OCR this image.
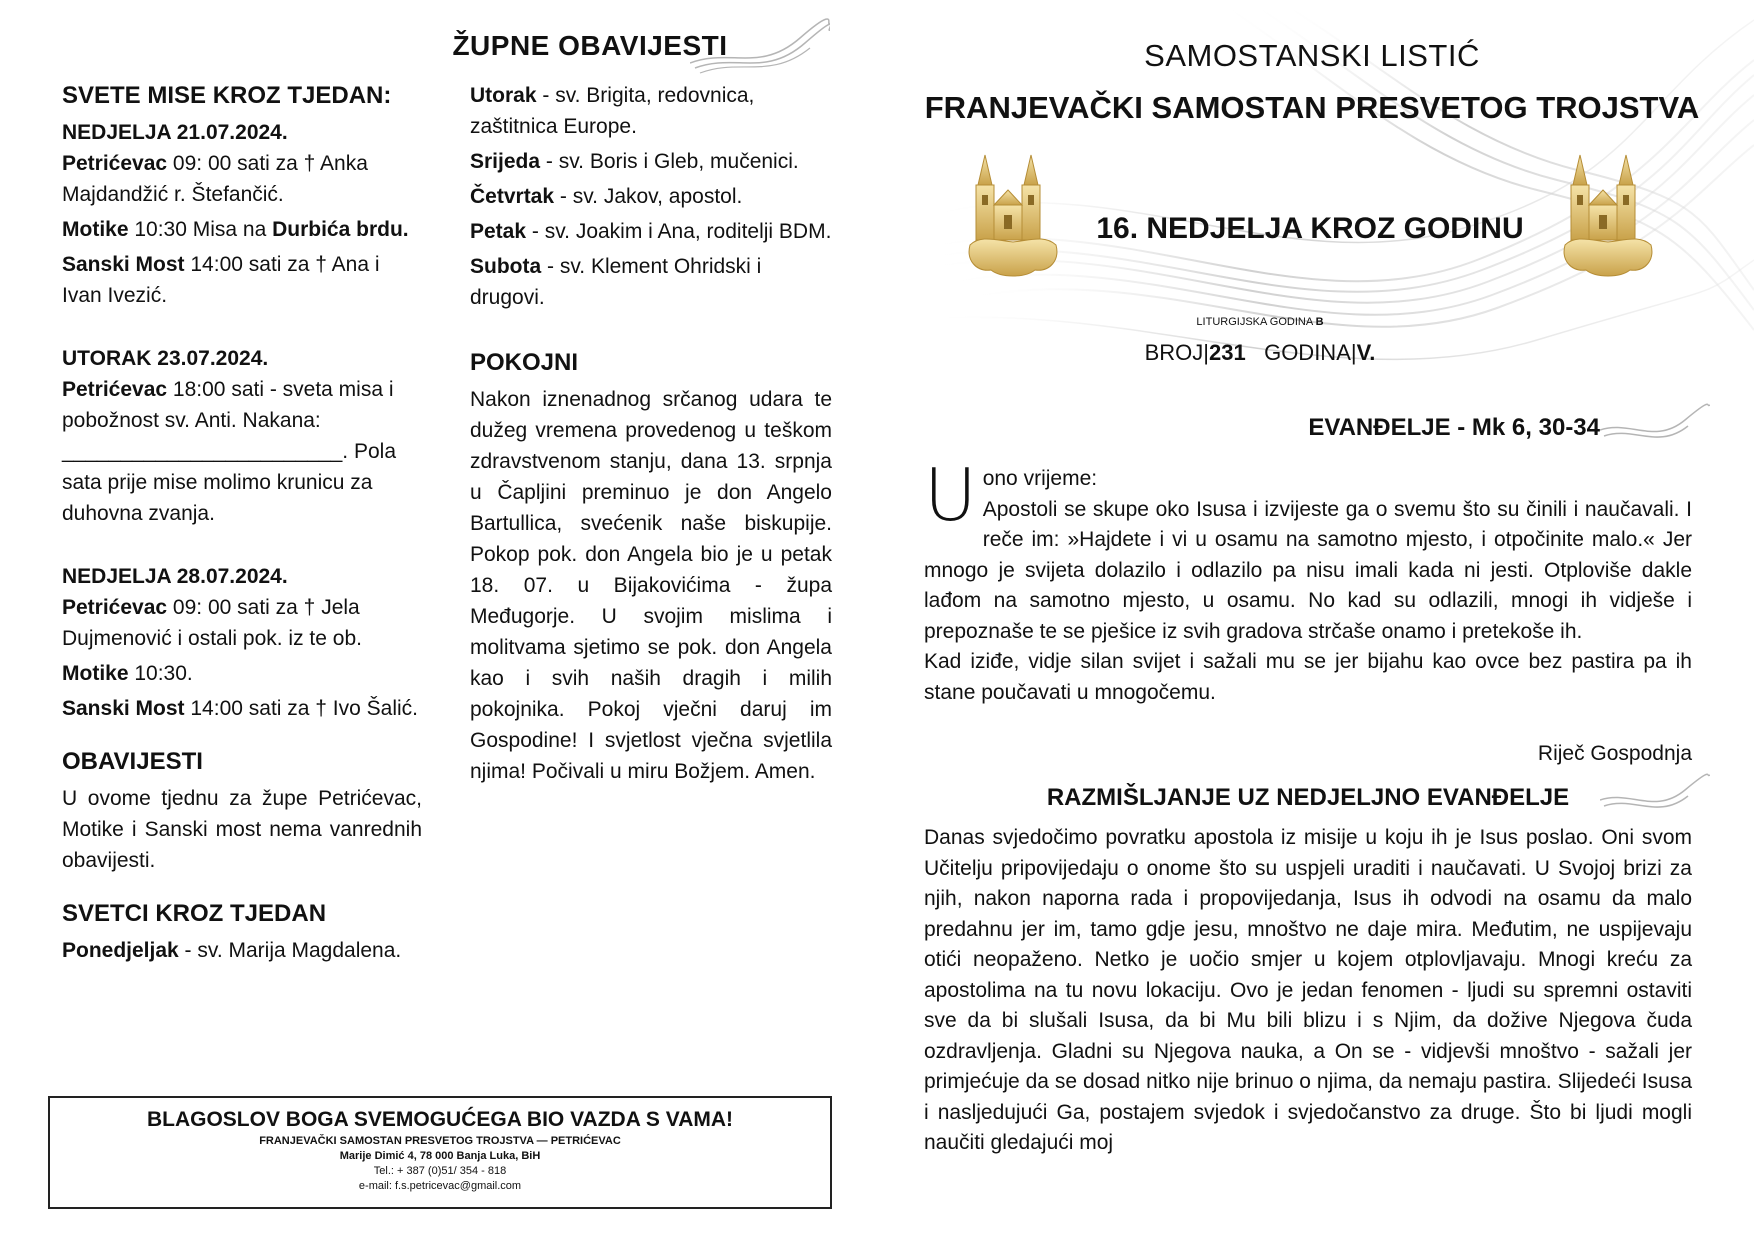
ŽUPNE OBAVIJESTI
SVETE MISE KROZ TJEDAN:
NEDJELJA 21.07.2024.

Petrićevac 09: 00 sati za † Anka Majdandžić r. Štefančić.

Motike 10:30 Misa na Durbića brdu.

Sanski Most 14:00 sati za † Ana i Ivan Ivezić.

UTORAK 23.07.2024.

Petrićevac 18:00 sati - sveta misa i pobožnost sv. Anti. Nakana: ________________________. Pola sata prije mise molimo krunicu za duhovna zvanja.

NEDJELJA 28.07.2024.

Petrićevac 09: 00 sati za † Jela Dujmenović i ostali pok. iz te ob.

Motike 10:30.

Sanski Most 14:00 sati za † Ivo Šalić.

OBAVIJESTI

U ovome tjednu za župe Petrićevac, Motike i Sanski most nema vanrednih obavijesti.

SVETCI KROZ TJEDAN

Ponedjeljak - sv. Marija Magdalena.

Utorak - sv. Brigita, redovnica, zaštitnica Europe.

Srijeda - sv. Boris i Gleb, mučenici.

Četvrtak - sv. Jakov, apostol.

Petak - sv. Joakim i Ana, roditelji BDM.

Subota - sv. Klement Ohridski i drugovi.

POKOJNI

Nakon iznenadnog srčanog udara te dužeg vremena provedenog u teškom zdravstvenom stanju, dana 13. srpnja u Čapljini preminuo je don Angelo Bartullica, svećenik naše biskupije. Pokop pok. don Angela bio je u petak 18. 07. u Bijakovićima - župa Međugorje. U svojim mislima i molitvama sjetimo se pok. don Angela kao i svih naših dragih i milih pokojnika. Pokoj vječni daruj im Gospodine! I svjetlost vječna svjetlila njima! Počivali u miru Božjem. Amen.

BLAGOSLOV BOGA SVEMOGUĆEGA BIO VAZDA S VAMA!
FRANJEVAČKI SAMOSTAN PRESVETOG TROJSTVA — PETRIĆEVAC
Marije Dimić 4, 78 000 Banja Luka, BiH
Tel.: + 387 (0)51/ 354 - 818
e-mail: f.s.petricevac@gmail.com
SAMOSTANSKI LISTIĆ
FRANJEVAČKI SAMOSTAN PRESVETOG TROJSTVA
16. NEDJELJA KROZ GODINU
LITURGIJSKA GODINA B
BROJ|231 GODINA|V.
EVANĐELJE - Mk 6, 30-34
U ono vrijeme:
Apostoli se skupe oko Isusa i izvijeste ga o svemu što su činili i naučavali. I reče im: »Hajdete i vi u osamu na samotno mjesto, i otpočinite malo.« Jer mnogo je svijeta dolazilo i odlazilo pa nisu imali kada ni jesti. Otploviše dakle lađom na samotno mjesto, u osamu. No kad su odlazili, mnogi ih vidješe i prepoznaše te se pješice iz svih gradova strčaše onamo i pretekoše ih.
Kad iziđe, vidje silan svijet i sažali mu se jer bijahu kao ovce bez pastira pa ih stane poučavati u mnogočemu.
Riječ Gospodnja
RAZMIŠLJANJE UZ NEDJELJNO EVANĐELJE
Danas svjedočimo povratku apostola iz misije u koju ih je Isus poslao. Oni svom Učitelju pripovijedaju o onome što su uspjeli uraditi i naučavati. U Svojoj brizi za njih, nakon naporna rada i propovijedanja, Isus ih odvodi na osamu da malo predahnu jer im, tamo gdje jesu, mnoštvo ne daje mira. Međutim, ne uspijevaju otići neopaženo. Netko je uočio smjer u kojem otplovljavaju. Mnogi kreću za apostolima na tu novu lokaciju. Ovo je jedan fenomen - ljudi su spremni ostaviti sve da bi slušali Isusa, da bi Mu bili blizu i s Njim, da dožive Njegova čuda ozdravljenja. Gladni su Njegova nauka, a On se - vidjevši mnoštvo - sažali jer primjećuje da se dosad nitko nije brinuo o njima, da nemaju pastira. Slijedeći Isusa i nasljedujući Ga, postajem svjedok i svjedočanstvo za druge. Što bi ljudi mogli naučiti gledajući moj
